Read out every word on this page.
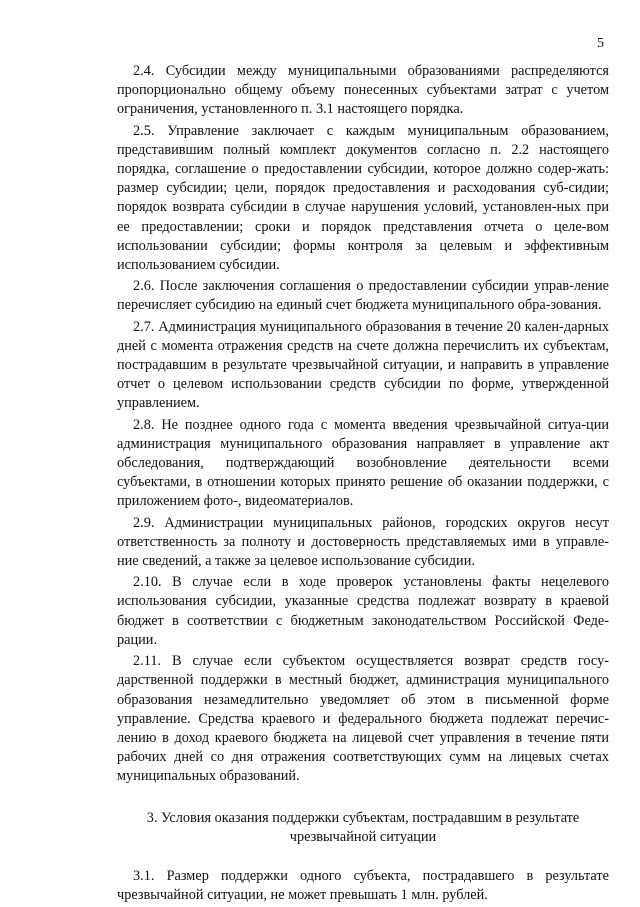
5

2.4. Субсидии между муниципальными образованиями распределяются пропорционально общему объему понесенных субъектами затрат с учетом ограничения, установленного п. 3.1 настоящего порядка.

2.5. Управление заключает с каждым муниципальным образованием, представившим полный комплект документов согласно п. 2.2 настоящего порядка, соглашение о предоставлении субсидии, которое должно содер-жать: размер субсидии; цели, порядок предоставления и расходования суб-сидии; порядок возврата субсидии в случае нарушения условий, установлен-ных при ее предоставлении; сроки и порядок представления отчета о целе-вом использовании субсидии; формы контроля за целевым и эффективным использованием субсидии.

2.6. После заключения соглашения о предоставлении субсидии управ-ление перечисляет субсидию на единый счет бюджета муниципального обра-зования.

2.7. Администрация муниципального образования в течение 20 кален-дарных дней с момента отражения средств на счете должна перечислить их субъектам, пострадавшим в результате чрезвычайной ситуации, и направить в управление отчет о целевом использовании средств субсидии по форме, утвержденной управлением.

2.8. Не позднее одного года с момента введения чрезвычайной ситуа-ции администрация муниципального образования направляет в управление акт обследования, подтверждающий возобновление деятельности всеми субъектами, в отношении которых принято решение об оказании поддержки, с приложением фото-, видеоматериалов.

2.9. Администрации муниципальных районов, городских округов несут ответственность за полноту и достоверность представляемых ими в управле-ние сведений, а также за целевое использование субсидии.

2.10. В случае если в ходе проверок установлены факты нецелевого использования субсидии, указанные средства подлежат возврату в краевой бюджет в соответствии с бюджетным законодательством Российской Феде-рации.

2.11. В случае если субъектом осуществляется возврат средств госу-дарственной поддержки в местный бюджет, администрация муниципального образования незамедлительно уведомляет об этом в письменной форме управление. Средства краевого и федерального бюджета подлежат перечис-лению в доход краевого бюджета на лицевой счет управления в течение пяти рабочих дней со дня отражения соответствующих сумм на лицевых счетах муниципальных образований.

3. Условия оказания поддержки субъектам, пострадавшим в результате
чрезвычайной ситуации

3.1. Размер поддержки одного субъекта, пострадавшего в результате чрезвычайной ситуации, не может превышать 1 млн. рублей.
